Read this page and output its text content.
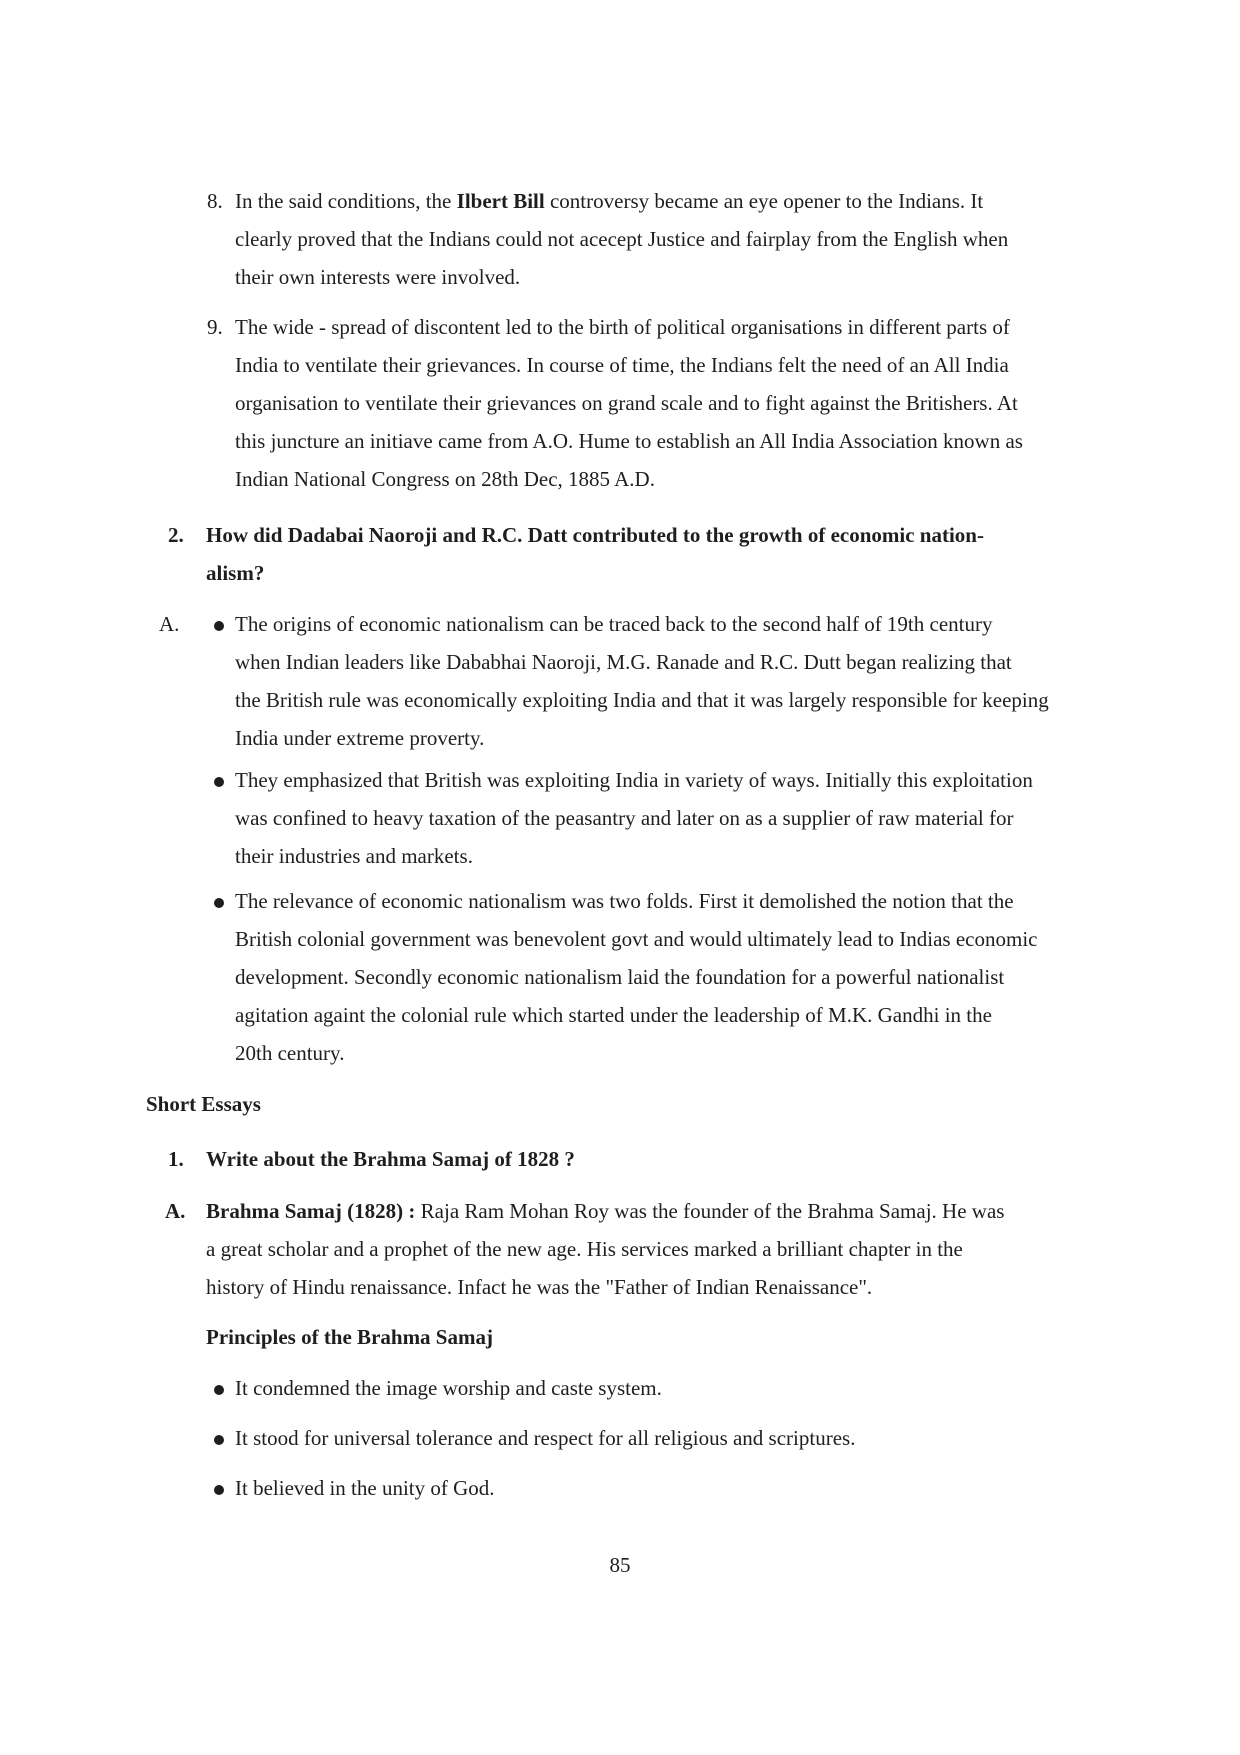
8. In the said conditions, the Ilbert Bill controversy became an eye opener to the Indians. It
clearly proved that the Indians could not acecept Justice and fairplay from the English when
their own interests were involved.
9. The wide - spread of discontent led to the birth of political organisations in different parts of
India to ventilate their grievances. In course of time, the Indians felt the need of an All India
organisation to ventilate their grievances on grand scale and to fight against the Britishers. At
this juncture an initiave came from A.O. Hume to establish an All India Association known as
Indian National Congress on 28th Dec, 1885 A.D.
2. How did Dadabai Naoroji and R.C. Datt contributed to the growth of economic nation-
alism?
A.	The origins of economic nationalism can be traced back to the second half of 19th century
when Indian leaders like Dababhai Naoroji, M.G. Ranade and R.C. Dutt began realizing that
the British rule was economically exploiting India and that it was largely responsible for keeping
India under extreme proverty.
They emphasized that British was exploiting India in variety of ways. Initially this exploitation
was confined to heavy taxation of the peasantry and later on as a supplier of raw material for
their industries and markets.
The relevance of economic nationalism was two folds. First it demolished the notion that the
British colonial government was benevolent govt and would ultimately lead to Indias economic
development. Secondly economic nationalism laid the foundation for a powerful nationalist
agitation againt the colonial rule which started under the leadership of M.K. Gandhi in the
20th century.
Short Essays
1. Write about the Brahma Samaj of 1828 ?
A. Brahma Samaj (1828) : Raja Ram Mohan Roy was the founder of the Brahma Samaj. He was
a great scholar and a prophet of the new age. His services marked a brilliant chapter in the
history of Hindu renaissance. Infact he was the "Father of Indian Renaissance".
Principles of the Brahma Samaj
It condemned the image worship and caste system.
It stood for universal tolerance and respect for all religious and scriptures.
It believed in the unity of God.
85
